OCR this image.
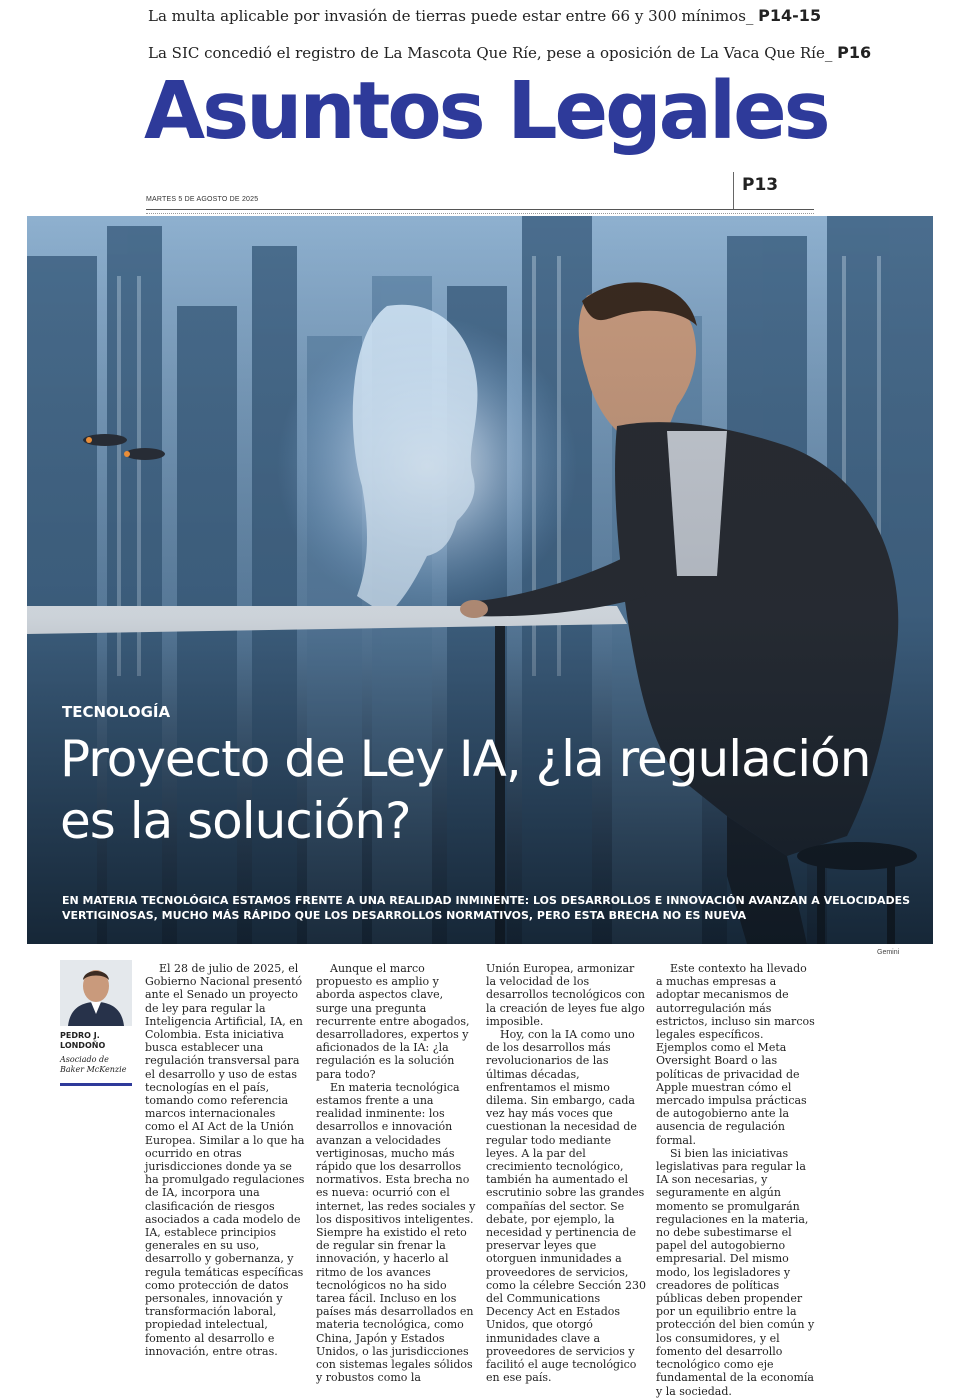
La multa aplicable por invasión de tierras puede estar entre 66 y 300 mínimos_ P14-15
La SIC concedió el registro de La Mascota Que Ríe, pese a oposición de La Vaca Que Ríe_ P16
Asuntos Legales
P13
MARTES 5 DE AGOSTO DE 2025
TECNOLOGÍA
Proyecto de Ley IA, ¿la regulación es la solución?
EN MATERIA TECNOLÓGICA ESTAMOS FRENTE A UNA REALIDAD INMINENTE: LOS DESARROLLOS E INNOVACIÓN AVANZAN A VELOCIDADES VERTIGINOSAS, MUCHO MÁS RÁPIDO QUE LOS DESARROLLOS NORMATIVOS, PERO ESTA BRECHA NO ES NUEVA
Gemini
PEDRO J. LONDOÑO
Asociado de Baker McKenzie

El 28 de julio de 2025, el Gobierno Nacional presentó ante el Senado un proyecto de ley para regular la Inteligencia Artificial, IA, en Colombia. Esta iniciativa busca establecer una regulación transversal para el desarrollo y uso de estas tecnologías en el país, tomando como referencia marcos internacionales como el AI Act de la Unión Europea. Similar a lo que ha ocurrido en otras jurisdicciones donde ya se ha promulgado regulaciones de IA, incorpora una clasificación de riesgos asociados a cada modelo de IA, establece principios generales en su uso, desarrollo y gobernanza, y regula temáticas específicas como protección de datos personales, innovación y transformación laboral, propiedad intelectual, fomento al desarrollo e innovación, entre otras.

Aunque el marco propuesto es amplio y aborda aspectos clave, surge una pregunta recurrente entre abogados, desarrolladores, expertos y aficionados de la IA: ¿la regulación es la solución para todo?

En materia tecnológica estamos frente a una realidad inminente: los desarrollos e innovación avanzan a velocidades vertiginosas, mucho más rápido que los desarrollos normativos. Esta brecha no es nueva: ocurrió con el internet, las redes sociales y los dispositivos inteligentes. Siempre ha existido el reto de regular sin frenar la innovación, y hacerlo al ritmo de los avances tecnológicos no ha sido tarea fácil. Incluso en los países más desarrollados en materia tecnológica, como China, Japón y Estados Unidos, o las jurisdicciones con sistemas legales sólidos y robustos como la

Unión Europea, armonizar la velocidad de los desarrollos tecnológicos con la creación de leyes fue algo imposible.

Hoy, con la IA como uno de los desarrollos más revolucionarios de las últimas décadas, enfrentamos el mismo dilema. Sin embargo, cada vez hay más voces que cuestionan la necesidad de regular todo mediante leyes. A la par del crecimiento tecnológico, también ha aumentado el escrutinio sobre las grandes compañías del sector. Se debate, por ejemplo, la necesidad y pertinencia de preservar leyes que otorguen inmunidades a proveedores de servicios, como la célebre Sección 230 del Communications Decency Act en Estados Unidos, que otorgó inmunidades clave a proveedores de servicios y facilitó el auge tecnológico en ese país.

Este contexto ha llevado a muchas empresas a adoptar mecanismos de autorregulación más estrictos, incluso sin marcos legales específicos. Ejemplos como el Meta Oversight Board o las políticas de privacidad de Apple muestran cómo el mercado impulsa prácticas de autogobierno ante la ausencia de regulación formal.

Si bien las iniciativas legislativas para regular la IA son necesarias, y seguramente en algún momento se promulgarán regulaciones en la materia, no debe subestimarse el papel del autogobierno empresarial. Del mismo modo, los legisladores y creadores de políticas públicas deben propender por un equilibrio entre la protección del bien común y los consumidores, y el fomento del desarrollo tecnológico como eje fundamental de la economía y la sociedad.
